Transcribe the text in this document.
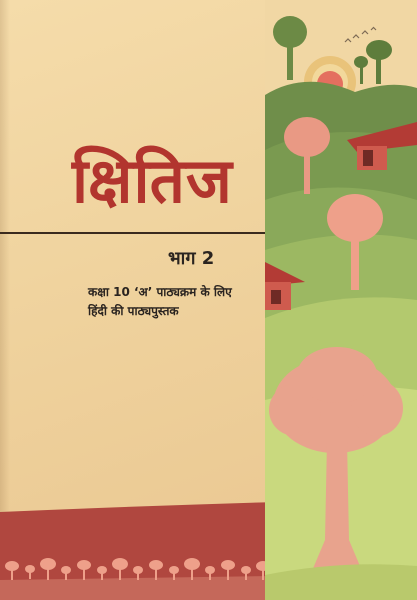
क्षितिज
भाग 2
कक्षा 10 ‘अ’ पाठ्यक्रम के लिए
हिंदी की पाठ्यपुस्तक
